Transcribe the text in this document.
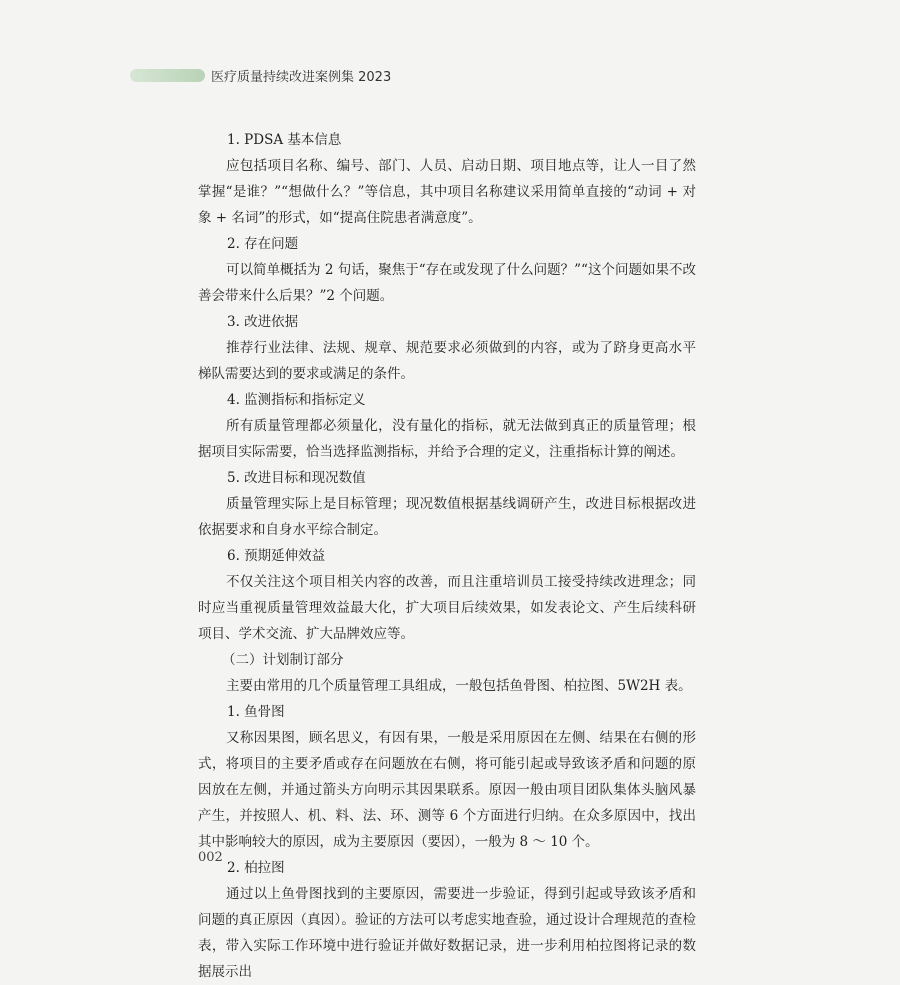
医疗质量持续改进案例集 2023
1. PDSA 基本信息
应包括项目名称、编号、部门、人员、启动日期、项目地点等，让人一目了然掌握“是谁？”“想做什么？”等信息，其中项目名称建议采用简单直接的“动词 + 对象 + 名词”的形式，如“提高住院患者满意度”。
2. 存在问题
可以简单概括为 2 句话，聚焦于“存在或发现了什么问题？”“这个问题如果不改善会带来什么后果？”2 个问题。
3. 改进依据
推荐行业法律、法规、规章、规范要求必须做到的内容，或为了跻身更高水平梯队需要达到的要求或满足的条件。
4. 监测指标和指标定义
所有质量管理都必须量化，没有量化的指标，就无法做到真正的质量管理；根据项目实际需要，恰当选择监测指标，并给予合理的定义，注重指标计算的阐述。
5. 改进目标和现况数值
质量管理实际上是目标管理；现况数值根据基线调研产生，改进目标根据改进依据要求和自身水平综合制定。
6. 预期延伸效益
不仅关注这个项目相关内容的改善，而且注重培训员工接受持续改进理念；同时应当重视质量管理效益最大化，扩大项目后续效果，如发表论文、产生后续科研项目、学术交流、扩大品牌效应等。
（二）计划制订部分
主要由常用的几个质量管理工具组成，一般包括鱼骨图、柏拉图、5W2H 表。
1. 鱼骨图
又称因果图，顾名思义，有因有果，一般是采用原因在左侧、结果在右侧的形式，将项目的主要矛盾或存在问题放在右侧，将可能引起或导致该矛盾和问题的原因放在左侧，并通过箭头方向明示其因果联系。原因一般由项目团队集体头脑风暴产生，并按照人、机、料、法、环、测等 6 个方面进行归纳。在众多原因中，找出其中影响较大的原因，成为主要原因（要因），一般为 8 ～ 10 个。
2. 柏拉图
通过以上鱼骨图找到的主要原因，需要进一步验证，得到引起或导致该矛盾和问题的真正原因（真因）。验证的方法可以考虑实地查验，通过设计合理规范的查检表，带入实际工作环境中进行验证并做好数据记录，进一步利用柏拉图将记录的数据展示出
002
